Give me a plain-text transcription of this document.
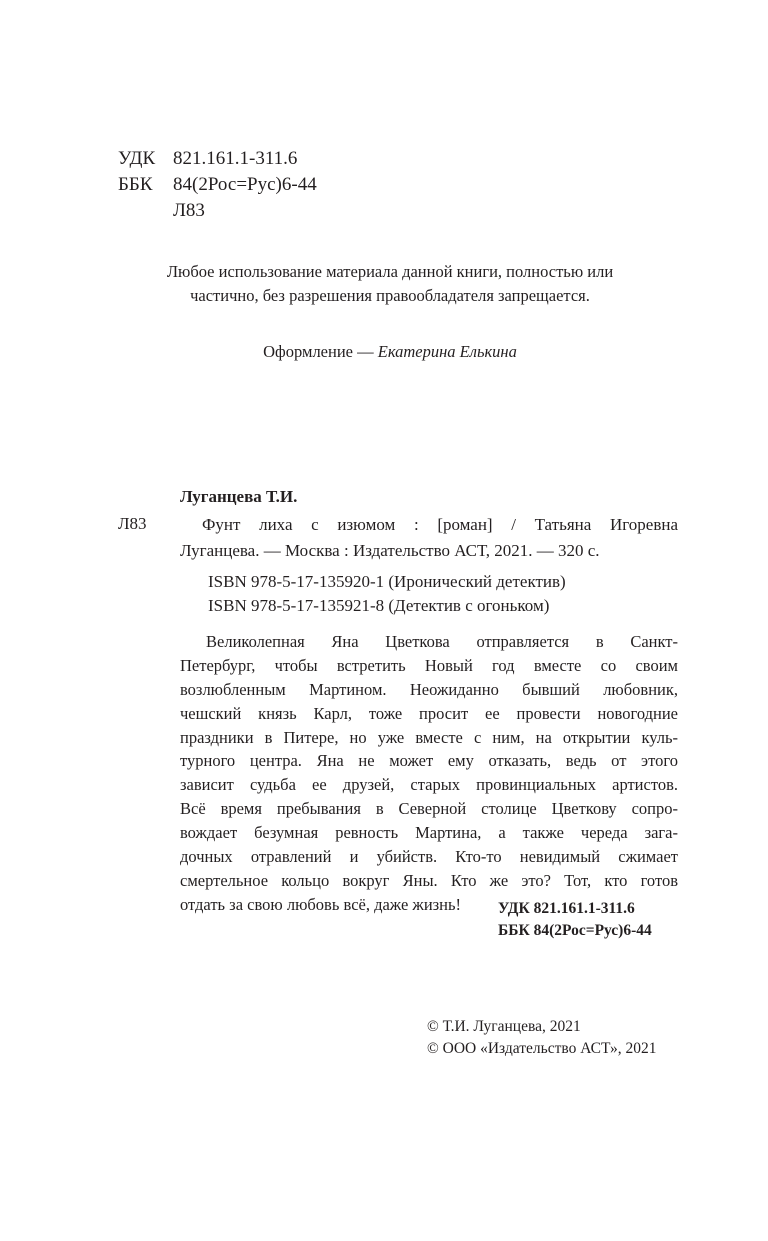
УДК 821.161.1-311.6
ББК	84(2Рос=Рус)6-44
Л83
Любое использование материала данной книги, полностью или
частично, без разрешения правообладателя запрещается.
Оформление — Екатерина Елькина
Луганцева Т.И.
Л83	Фунт лиха с изюмом : [роман] / Татьяна Игоревна
Луганцева. — Москва : Издательство АСТ, 2021. — 320 с.
ISBN 978-5-17-135920-1 (Иронический детектив)
ISBN 978-5-17-135921-8 (Детектив с огоньком)
Великолепная Яна Цветкова отправляется в Санкт-
Петербург, чтобы встретить Новый год вместе со своим
возлюбленным Мартином. Неожиданно бывший любовник,
чешский князь Карл, тоже просит ее провести новогодние
праздники в Питере, но уже вместе с ним, на открытии куль-
турного центра. Яна не может ему отказать, ведь от этого
зависит судьба ее друзей, старых провинциальных артистов.
Всё время пребывания в Северной столице Цветкову сопро-
вождает безумная ревность Мартина, а также череда зага-
дочных отравлений и убийств. Кто-то невидимый сжимает
смертельное кольцо вокруг Яны. Кто же это? Тот, кто готов
отдать за свою любовь всё, даже жизнь!	УДК 821.161.1-311.6
ББК 84(2Рос=Рус)6-44
© Т.И. Луганцева, 2021
© ООО «Издательство АСТ», 2021
